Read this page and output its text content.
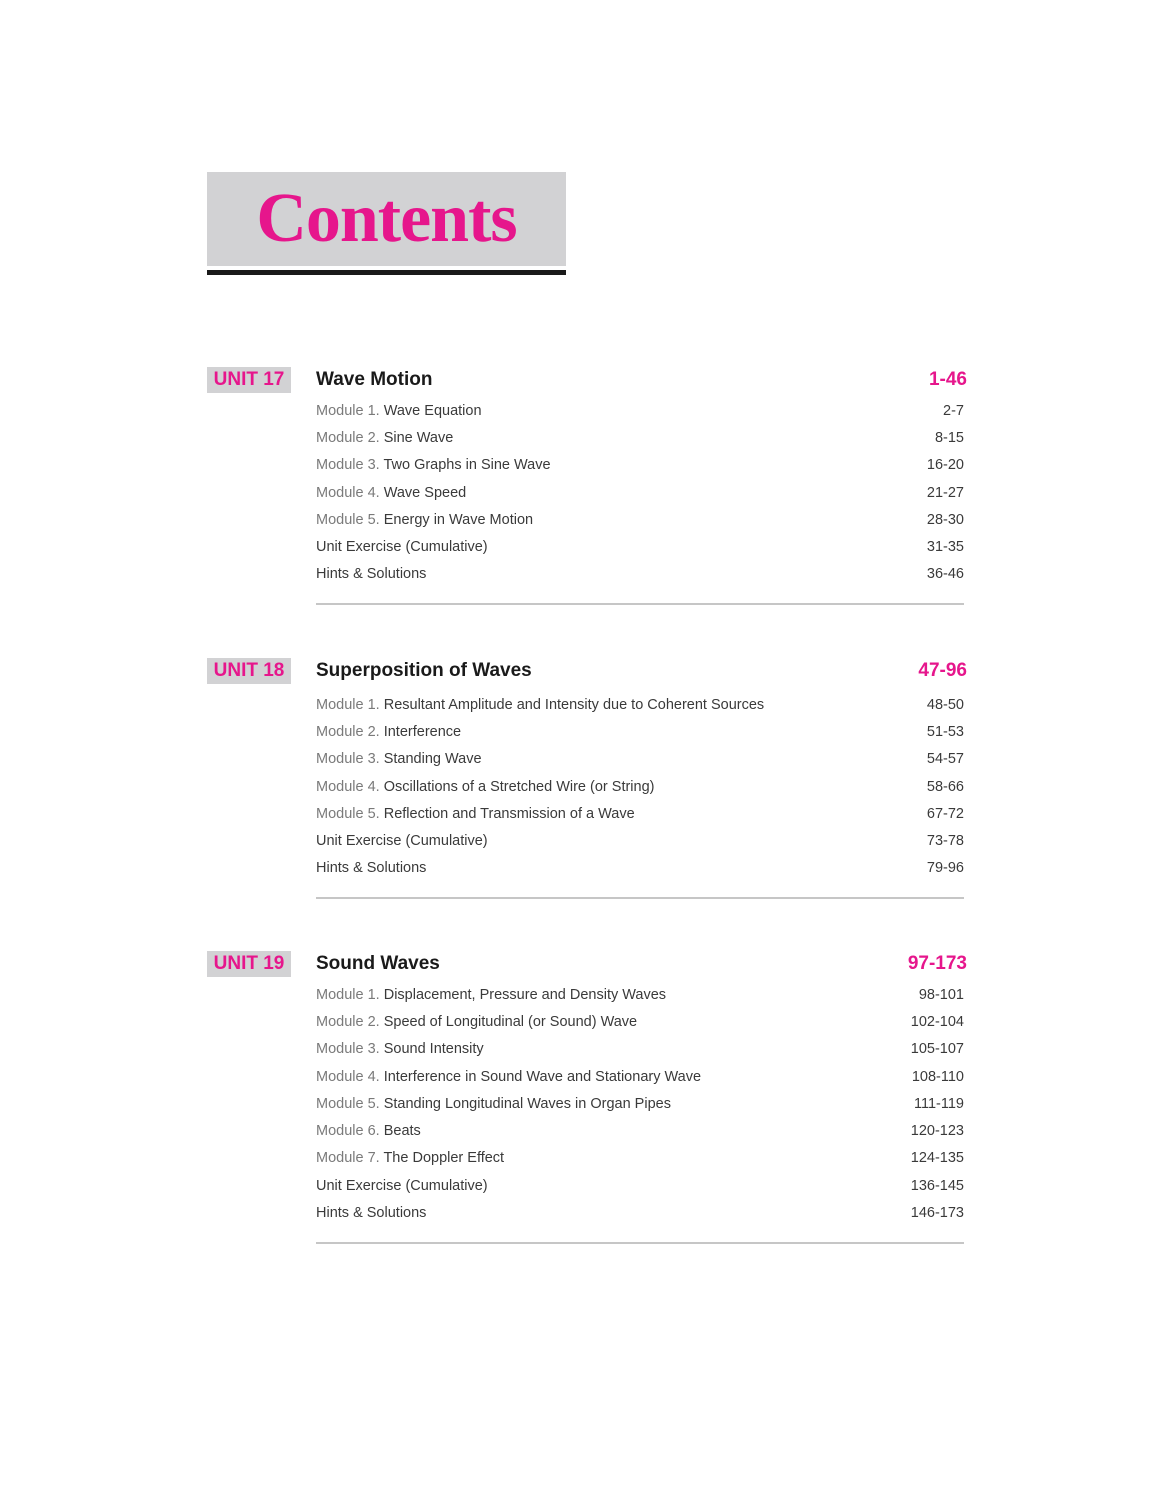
Contents
UNIT 17	Wave Motion	1-46
Module 1. Wave Equation	2-7
Module 2. Sine Wave	8-15
Module 3. Two Graphs in Sine Wave	16-20
Module 4. Wave Speed	21-27
Module 5. Energy in Wave Motion	28-30
Unit Exercise (Cumulative)	31-35
Hints & Solutions	36-46
UNIT 18	Superposition of Waves	47-96
Module 1. Resultant Amplitude and Intensity due to Coherent Sources	48-50
Module 2. Interference	51-53
Module 3. Standing Wave	54-57
Module 4. Oscillations of a Stretched Wire (or String)	58-66
Module 5. Reflection and Transmission of a Wave	67-72
Unit Exercise (Cumulative)	73-78
Hints & Solutions	79-96
UNIT 19	Sound Waves	97-173
Module 1. Displacement, Pressure and Density Waves	98-101
Module 2. Speed of Longitudinal (or Sound) Wave	102-104
Module 3. Sound Intensity	105-107
Module 4. Interference in Sound Wave and Stationary Wave	108-110
Module 5. Standing Longitudinal Waves in Organ Pipes	111-119
Module 6. Beats	120-123
Module 7. The Doppler Effect	124-135
Unit Exercise (Cumulative)	136-145
Hints & Solutions	146-173
